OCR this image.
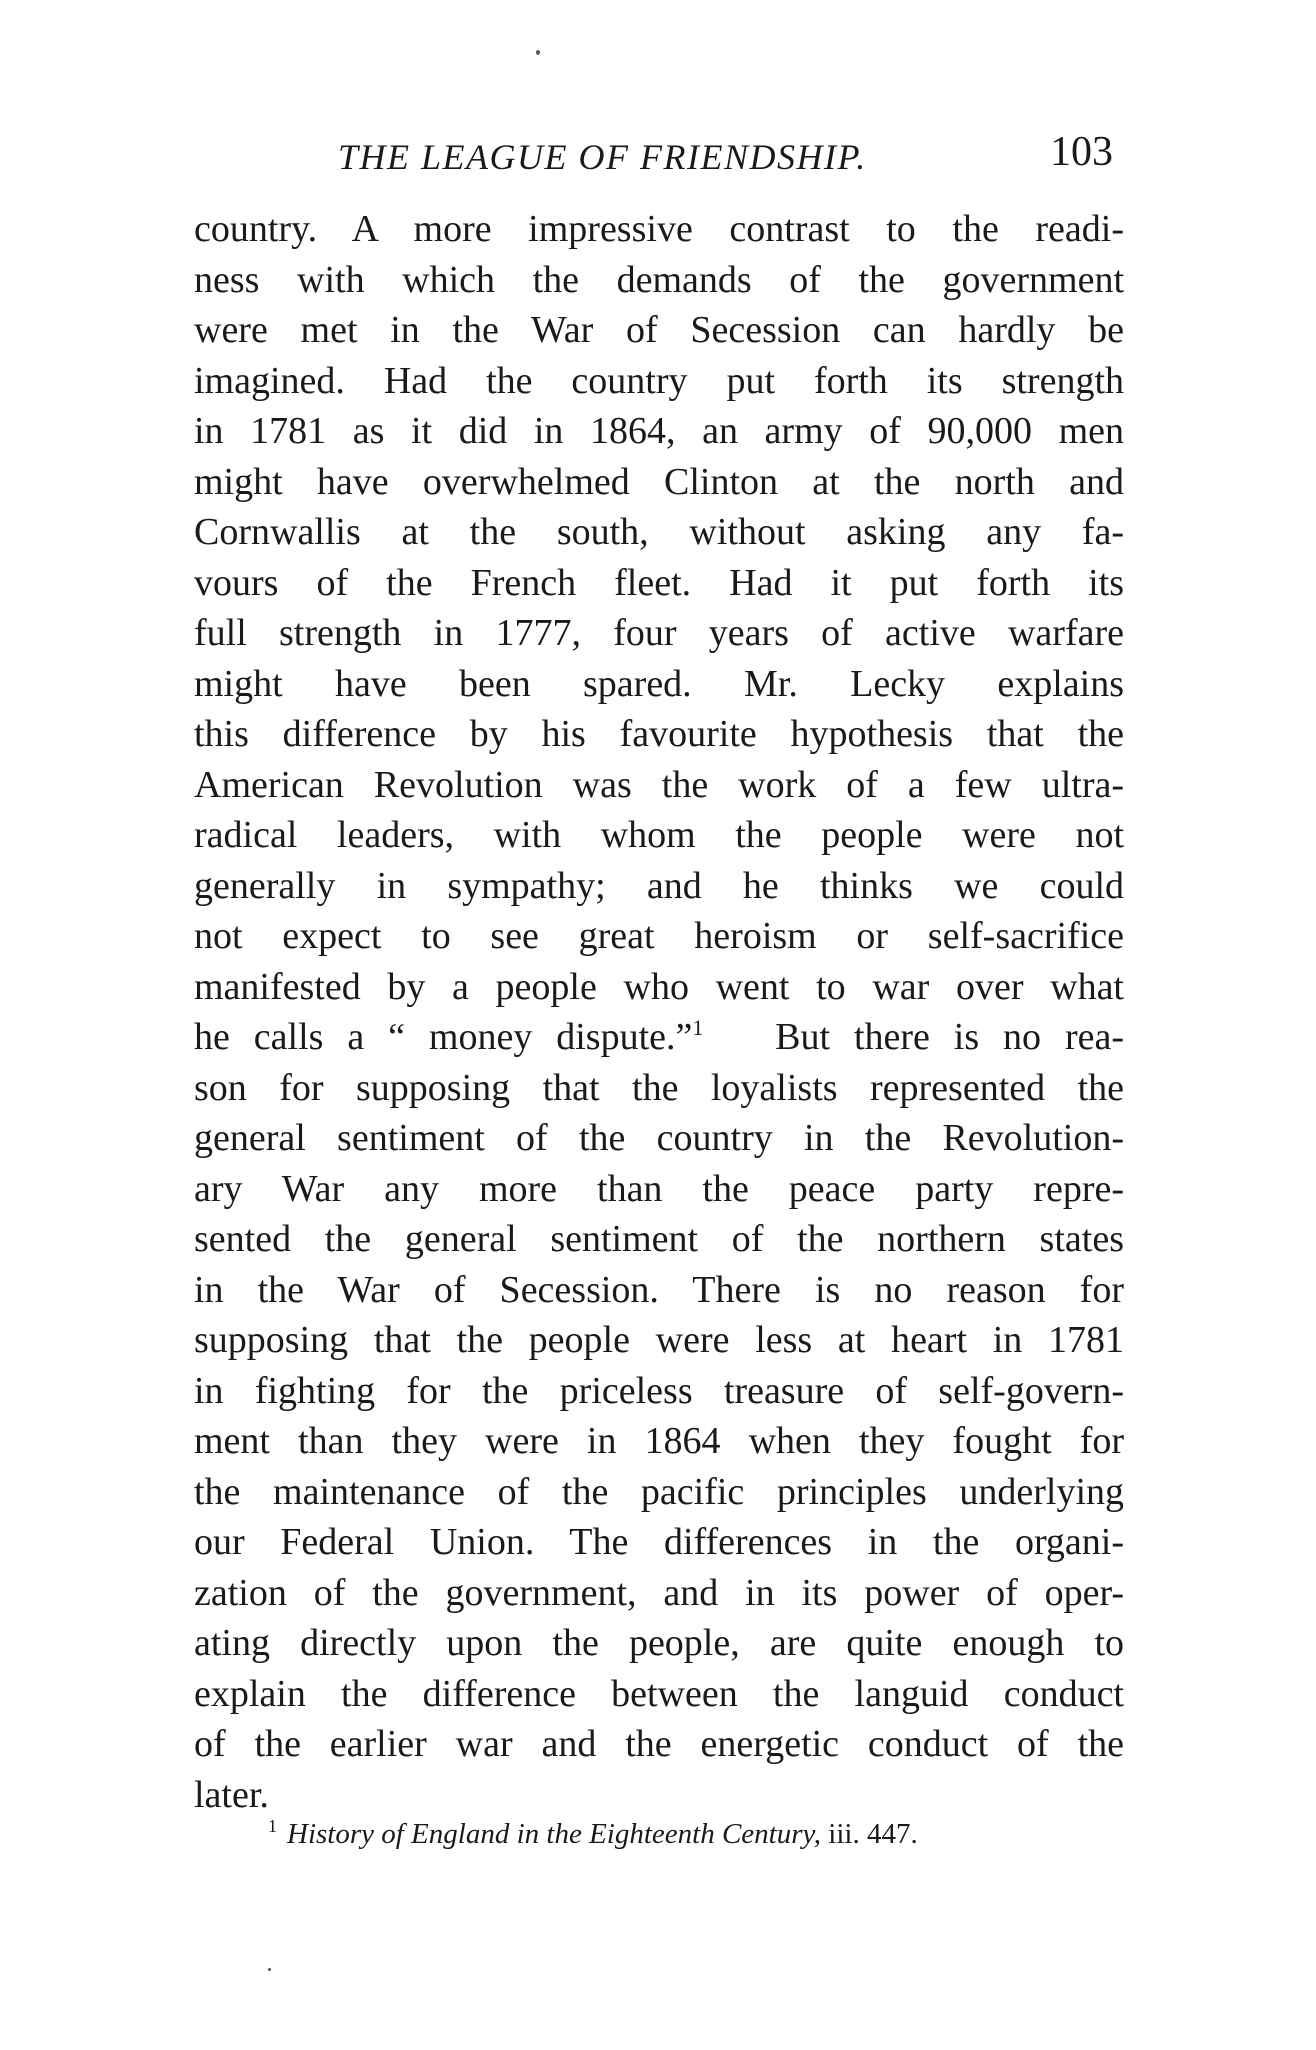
THE LEAGUE OF FRIENDSHIP.	103
country. A more impressive contrast to the readi-
ness with which the demands of the government
were met in the War of Secession can hardly be
imagined. Had the country put forth its strength
in 1781 as it did in 1864, an army of 90,000 men
might have overwhelmed Clinton at the north and
Cornwallis at the south, without asking any fa-
vours of the French fleet. Had it put forth its
full strength in 1777, four years of active warfare
might have been spared. Mr. Lecky explains
this difference by his favourite hypothesis that the
American Revolution was the work of a few ultra-
radical leaders, with whom the people were not
generally in sympathy; and he thinks we could
not expect to see great heroism or self-sacrifice
manifested by a people who went to war over what
he calls a “ money dispute.”$^1$ But there is no rea-
son for supposing that the loyalists represented the
general sentiment of the country in the Revolution-
ary War any more than the peace party repre-
sented the general sentiment of the northern states
in the War of Secession. There is no reason for
supposing that the people were less at heart in 1781
in fighting for the priceless treasure of self-govern-
ment than they were in 1864 when they fought for
the maintenance of the pacific principles underlying
our Federal Union. The differences in the organi-
zation of the government, and in its power of oper-
ating directly upon the people, are quite enough to
explain the difference between the languid conduct
of the earlier war and the energetic conduct of the
later.
$^1$ History of England in the Eighteenth Century, iii. 447.
